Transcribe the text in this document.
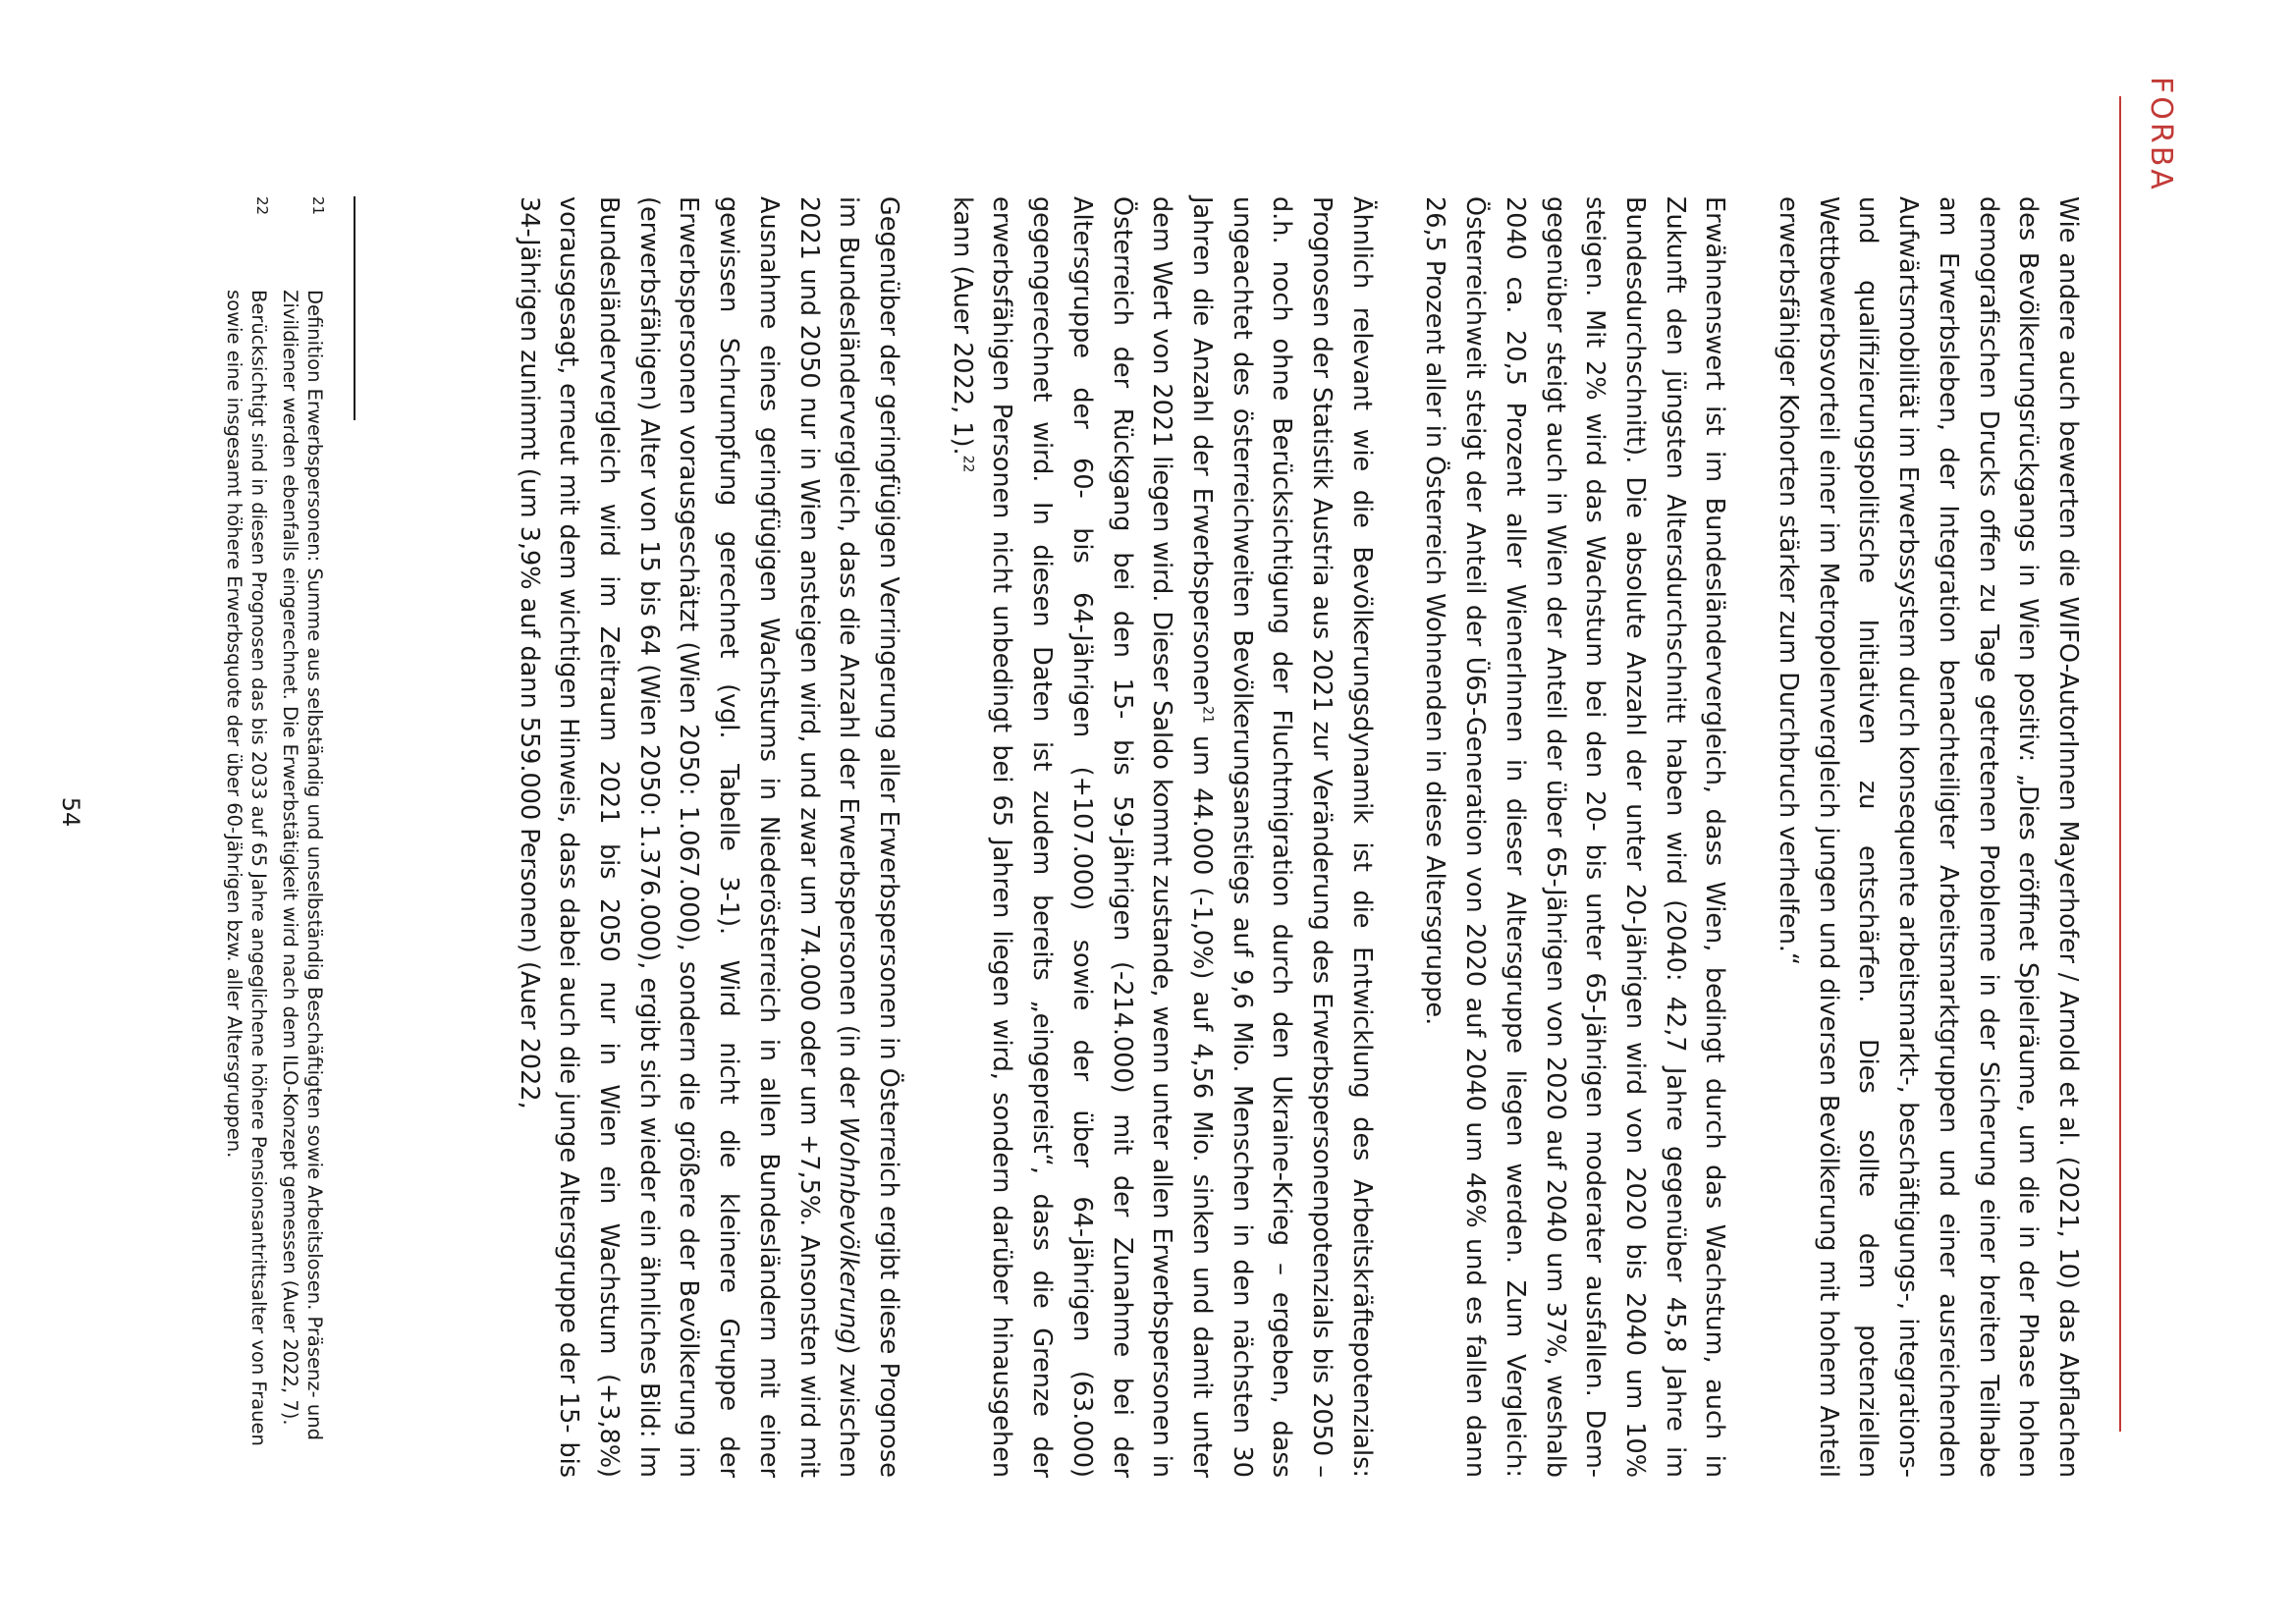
FORBA

Wie andere auch bewerten die WIFO-AutorInnen Mayerhofer / Arnold et al. (2021, 10) das Abflachen des Bevölkerungsrückgangs in Wien positiv: „Dies eröffnet Spielräume, um die in der Phase hohen demografischen Drucks offen zu Tage getretenen Probleme in der Sicherung einer breiten Teilhabe am Erwerbsleben, der Integration benachteiligter Arbeitsmarktgruppen und einer ausreichenden Aufwärtsmobilität im Erwerbssystem durch konsequente arbeitsmarkt-, beschäftigungs-, integrations- und qualifizierungspolitische Initiativen zu entschärfen. Dies sollte dem potenziellen Wettbewerbsvorteil einer im Metropolenvergleich jungen und diversen Bevölkerung mit hohem Anteil erwerbsfähiger Kohorten stärker zum Durchbruch verhelfen.“

Erwähnenswert ist im Bundesländervergleich, dass Wien, bedingt durch das Wachstum, auch in Zukunft den jüngsten Altersdurchschnitt haben wird (2040: 42,7 Jahre gegenüber 45,8 Jahre im Bundesdurchschnitt). Die absolute Anzahl der unter 20-Jährigen wird von 2020 bis 2040 um 10% steigen. Mit 2% wird das Wachstum bei den 20- bis unter 65-Jährigen moderater ausfallen. Demgegenüber steigt auch in Wien der Anteil der über 65-Jährigen von 2020 auf 2040 um 37%, weshalb 2040 ca. 20,5 Prozent aller WienerInnen in dieser Altersgruppe liegen werden. Zum Vergleich: Österreichweit steigt der Anteil der Ü65-Generation von 2020 auf 2040 um 46% und es fallen dann 26,5 Prozent aller in Österreich Wohnenden in diese Altersgruppe.

Ähnlich relevant wie die Bevölkerungsdynamik ist die Entwicklung des Arbeitskräftepotenzials: Prognosen der Statistik Austria aus 2021 zur Veränderung des Erwerbspersonenpotenzials bis 2050 – d.h. noch ohne Berücksichtigung der Fluchtmigration durch den Ukraine-Krieg – ergeben, dass ungeachtet des österreichweiten Bevölkerungsanstiegs auf 9,6 Mio. Menschen in den nächsten 30 Jahren die Anzahl der Erwerbspersonen$^{21}$ um 44.000 (-1,0%) auf 4,56 Mio. sinken und damit unter dem Wert von 2021 liegen wird. Dieser Saldo kommt zustande, wenn unter allen Erwerbspersonen in Österreich der Rückgang bei den 15- bis 59-Jährigen (-214.000) mit der Zunahme bei der Altersgruppe der 60- bis 64-Jährigen (+107.000) sowie der über 64-Jährigen (63.000) gegengerechnet wird. In diesen Daten ist zudem bereits „eingepreist“, dass die Grenze der erwerbsfähigen Personen nicht unbedingt bei 65 Jahren liegen wird, sondern darüber hinausgehen kann (Auer 2022, 1).$^{22}$

Gegenüber der geringfügigen Verringerung aller Erwerbspersonen in Österreich ergibt diese Prognose im Bundesländervergleich, dass die Anzahl der Erwerbspersonen (in der Wohnbevölkerung) zwischen 2021 und 2050 nur in Wien ansteigen wird, und zwar um 74.000 oder um +7,5%. Ansonsten wird mit Ausnahme eines geringfügigen Wachstums in Niederösterreich in allen Bundesländern mit einer gewissen Schrumpfung gerechnet (vgl. Tabelle 3-1). Wird nicht die kleinere Gruppe der Erwerbspersonen vorausgeschätzt (Wien 2050: 1.067.000), sondern die größere der Bevölkerung im (erwerbsfähigen) Alter von 15 bis 64 (Wien 2050: 1.376.000), ergibt sich wieder ein ähnliches Bild: Im Bundesländervergleich wird im Zeitraum 2021 bis 2050 nur in Wien ein Wachstum (+3,8%) vorausgesagt, erneut mit dem wichtigen Hinweis, dass dabei auch die junge Altersgruppe der 15- bis 34-Jährigen zunimmt (um 3,9% auf dann 559.000 Personen) (Auer 2022,

21
Definition Erwerbspersonen: Summe aus selbständig und unselbständig Beschäftigten sowie Arbeitslosen. Präsenz- und Zivildiener werden ebenfalls eingerechnet. Die Erwerbstätigkeit wird nach dem ILO-Konzept gemessen (Auer 2022, 7).
22
Berücksichtigt sind in diesen Prognosen das bis 2033 auf 65 Jahre angeglichene höhere Pensionsantrittsalter von Frauen sowie eine insgesamt höhere Erwerbsquote der über 60-Jährigen bzw. aller Altersgruppen.
54
